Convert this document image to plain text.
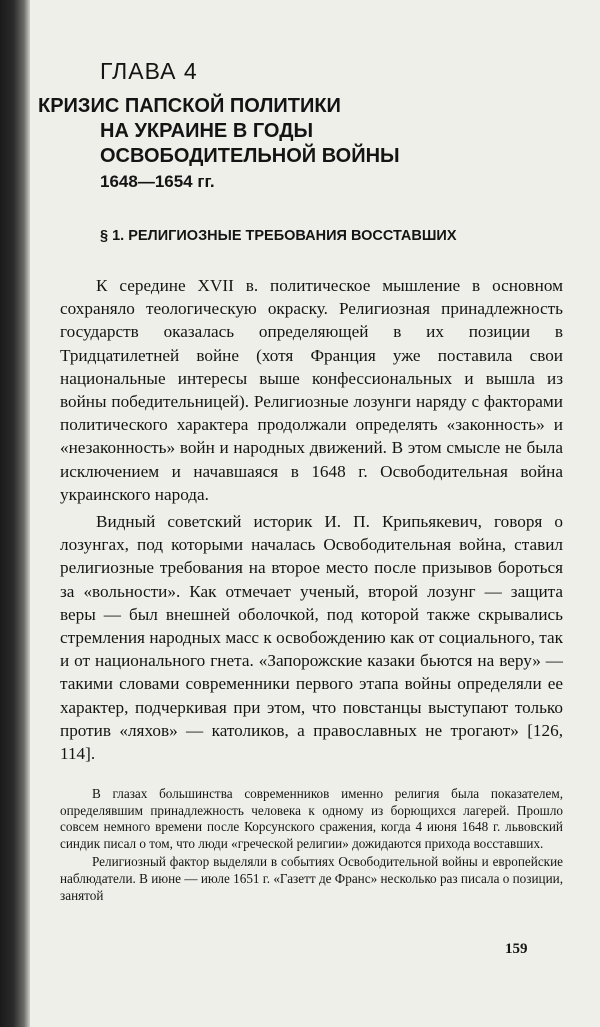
ГЛАВА 4
КРИЗИС ПАПСКОЙ ПОЛИТИКИ
НА УКРАИНЕ В ГОДЫ
ОСВОБОДИТЕЛЬНОЙ ВОЙНЫ
1648—1654 гг.
§ 1. РЕЛИГИОЗНЫЕ ТРЕБОВАНИЯ ВОССТАВШИХ

К середине XVII в. политическое мышление в основном сохраняло теологическую окраску. Религиозная принадлежность государств оказалась определяющей в их позиции в Тридцатилетней войне (хотя Франция уже поставила свои национальные интересы выше конфессиональных и вышла из войны победительницей). Религиозные лозунги наряду с факторами политического характера продолжали определять «законность» и «незаконность» войн и народных движений. В этом смысле не была исключением и начавшаяся в 1648 г. Освободительная война украинского народа.

Видный советский историк И. П. Крипьякевич, говоря о лозунгах, под которыми началась Освободительная война, ставил религиозные требования на второе место после призывов бороться за «вольности». Как отмечает ученый, второй лозунг — защита веры — был внешней оболочкой, под которой также скрывались стремления народных масс к освобождению как от социального, так и от национального гнета. «Запорожские казаки бьются на веру» — такими словами современники первого этапа войны определяли ее характер, подчеркивая при этом, что повстанцы выступают только против «ляхов» — католиков, а православных не трогают» [126, 114].

В глазах большинства современников именно религия была показателем, определявшим принадлежность человека к одному из борющихся лагерей. Прошло совсем немного времени после Корсунского сражения, когда 4 июня 1648 г. львовский синдик писал о том, что люди «греческой религии» дожидаются прихода восставших.

Религиозный фактор выделяли в событиях Освободительной войны и европейские наблюдатели. В июне — июле 1651 г. «Газетт де Франс» несколько раз писала о позиции, занятой

159
